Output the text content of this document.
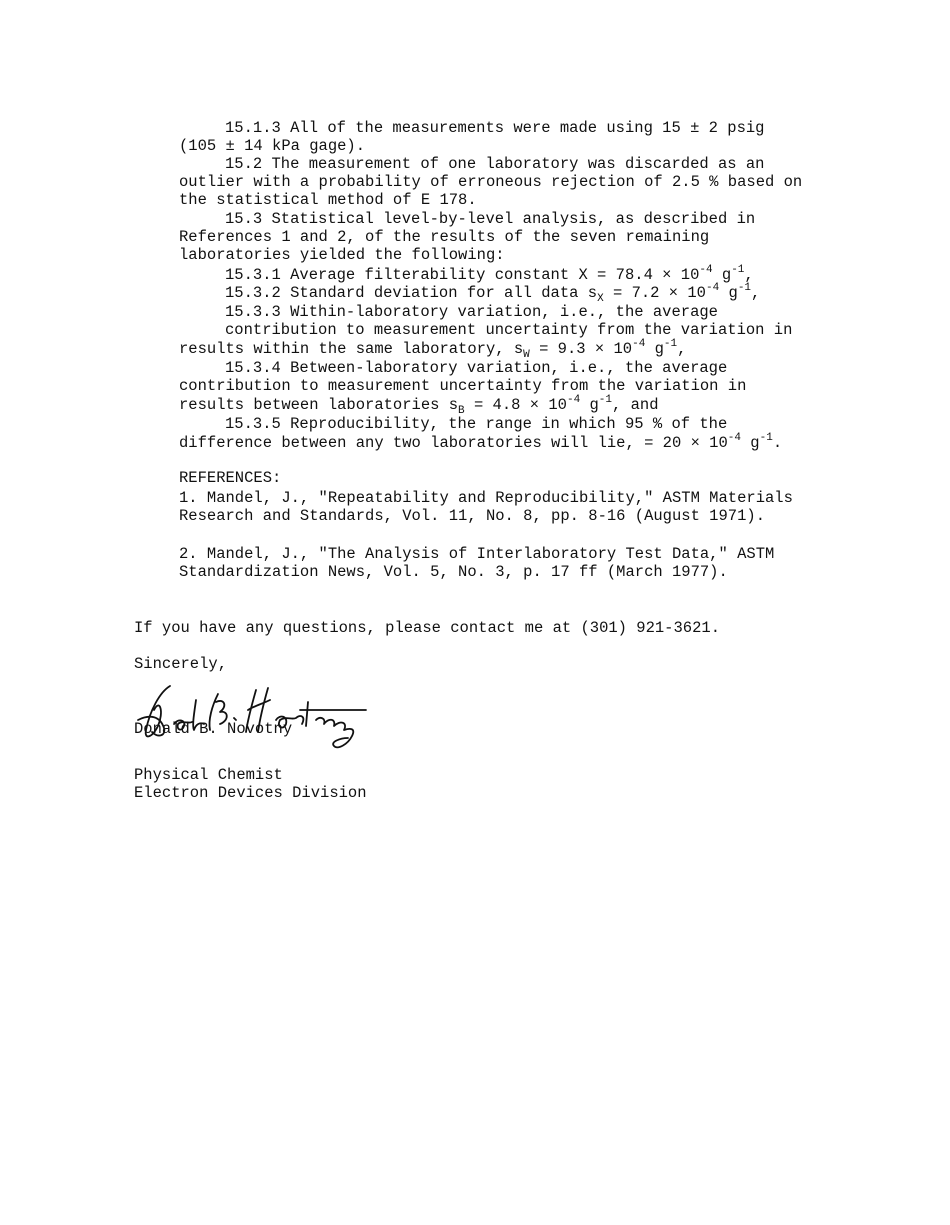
15.1.3 All of the measurements were made using 15 ± 2 psig
(105 ± 14 kPa gage).
15.2 The measurement of one laboratory was discarded as an
outlier with a probability of erroneous rejection of 2.5 % based on
the statistical method of E 178.
15.3 Statistical level-by-level analysis, as described in
References 1 and 2, of the results of the seven remaining
laboratories yielded the following:
15.3.1 Average filterability constant $X = 78.4 \times 10^{-4}$ $g^{-1}$,
15.3.2 Standard deviation for all data $s_X = 7.2 \times 10^{-4}$ $g^{-1}$,
15.3.3 Within-laboratory variation, i.e., the average
contribution to measurement uncertainty from the variation in
results within the same laboratory, $s_W = 9.3 \times 10^{-4}$ $g^{-1}$,
15.3.4 Between-laboratory variation, i.e., the average
contribution to measurement uncertainty from the variation in
results between laboratories $s_B = 4.8 \times 10^{-4}$ $g^{-1}$, and
15.3.5 Reproducibility, the range in which 95 % of the
difference between any two laboratories will lie, = $20 \times 10^{-4}$ $g^{-1}$.
REFERENCES:
1. Mandel, J., "Repeatability and Reproducibility," ASTM Materials
Research and Standards, Vol. 11, No. 8, pp. 8-16 (August 1971).
2. Mandel, J., "The Analysis of Interlaboratory Test Data," ASTM
Standardization News, Vol. 5, No. 3, p. 17 ff (March 1977).
If you have any questions, please contact me at (301) 921-3621.
Sincerely,
Donald B. Novotny
Physical Chemist
Electron Devices Division
